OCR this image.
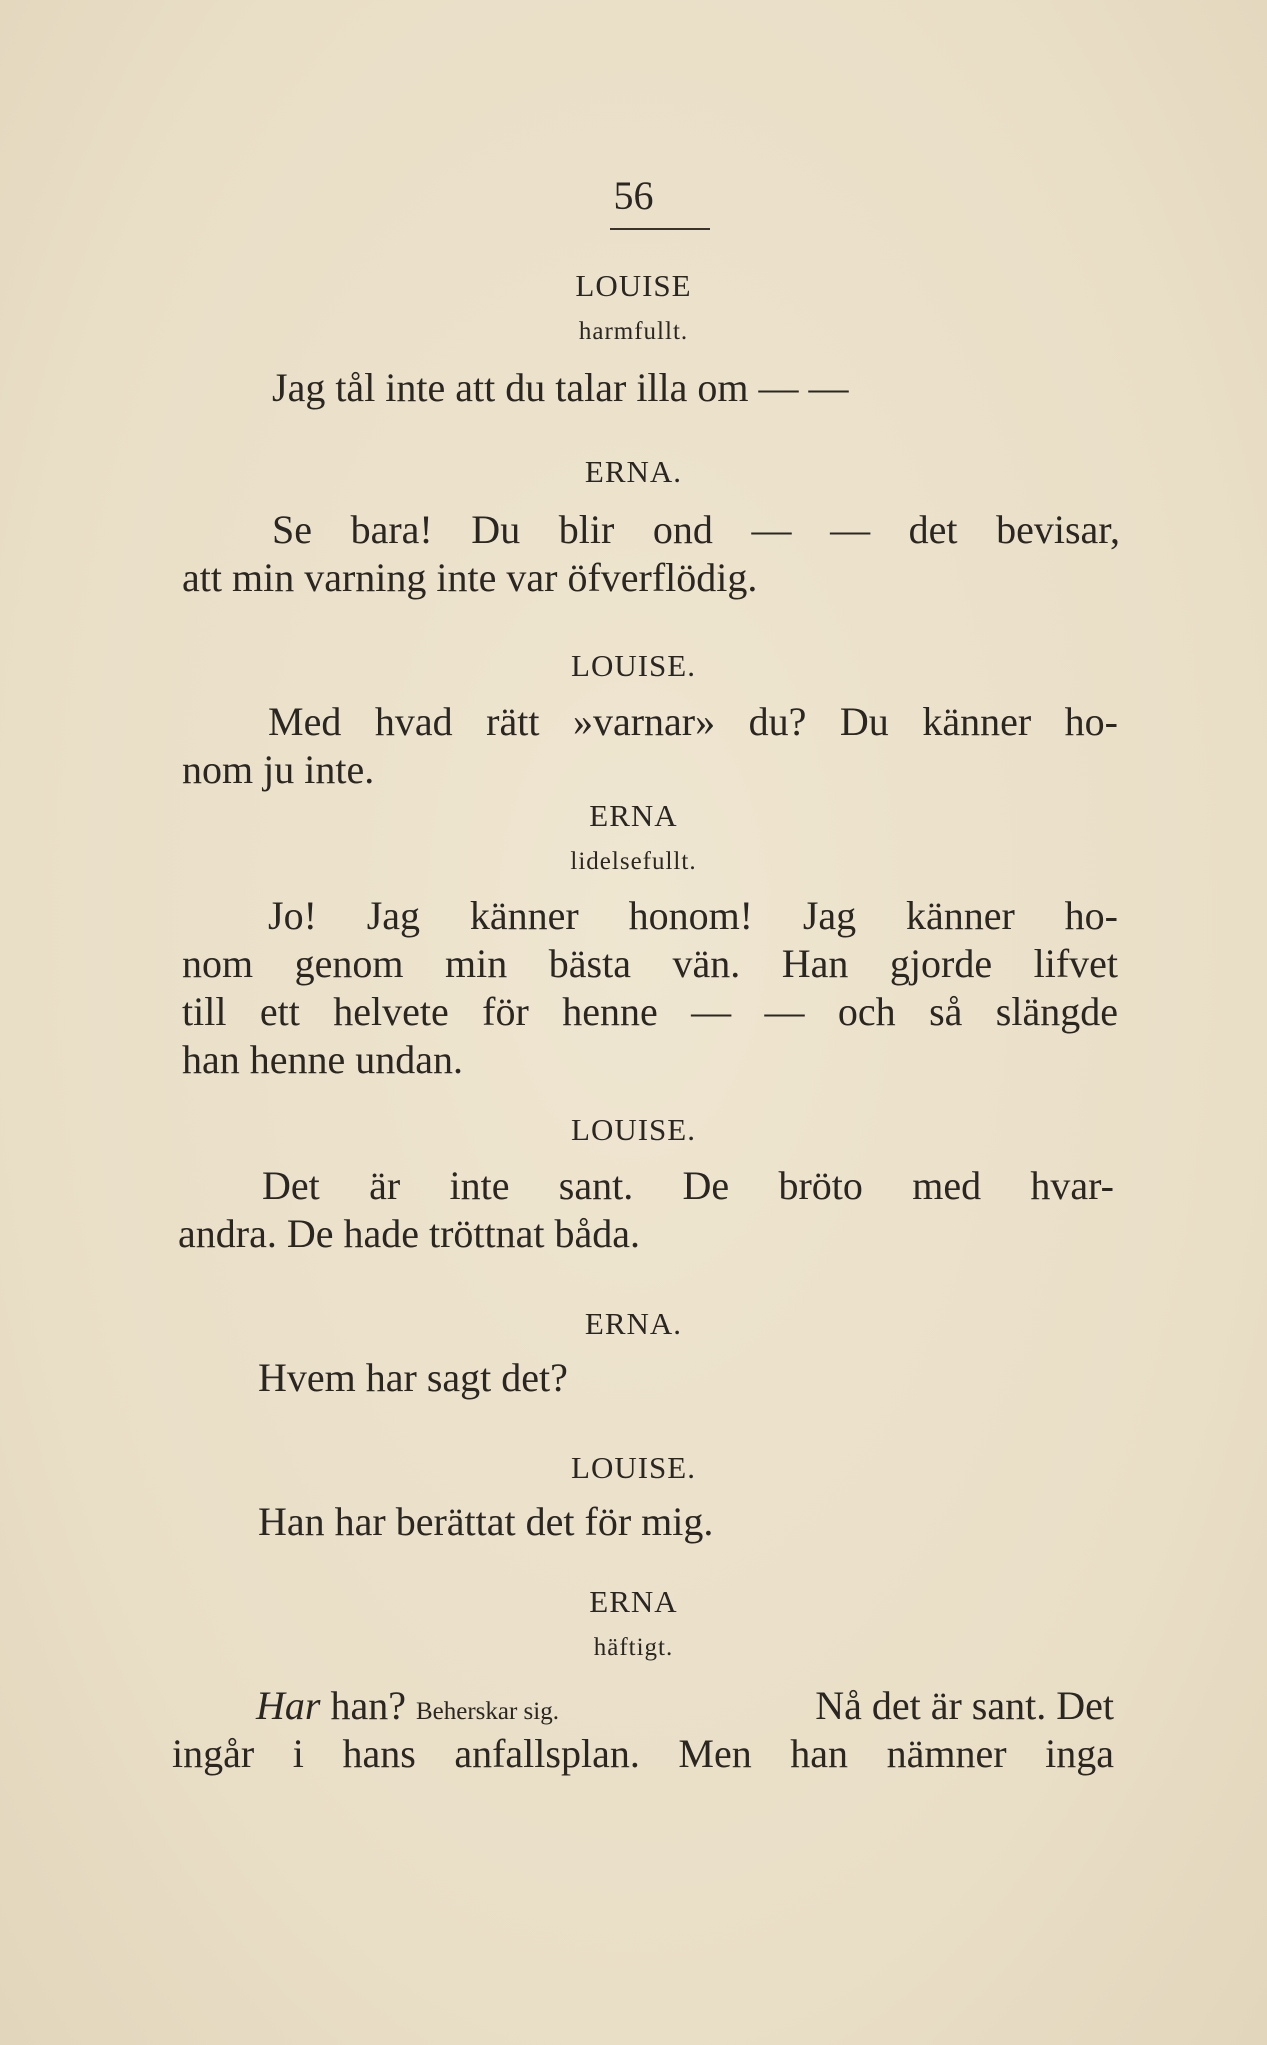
56
LOUISE
harmfullt.
Jag tål inte att du talar illa om — —
ERNA.
Se bara! Du blir ond — — det bevisar,
att min varning inte var öfverflödig.
LOUISE.
Med hvad rätt »varnar» du? Du känner ho-
nom ju inte.
ERNA
lidelsefullt.
Jo! Jag känner honom! Jag känner ho-
nom genom min bästa vän. Han gjorde lifvet
till ett helvete för henne — — och så slängde
han henne undan.
LOUISE.
Det är inte sant. De bröto med hvar-
andra. De hade tröttnat båda.
ERNA.
Hvem har sagt det?
LOUISE.
Han har berättat det för mig.
ERNA
häftigt.
Har han? Beherskar sig.	Nå det är sant. Det
ingår i hans anfallsplan. Men han nämner inga
